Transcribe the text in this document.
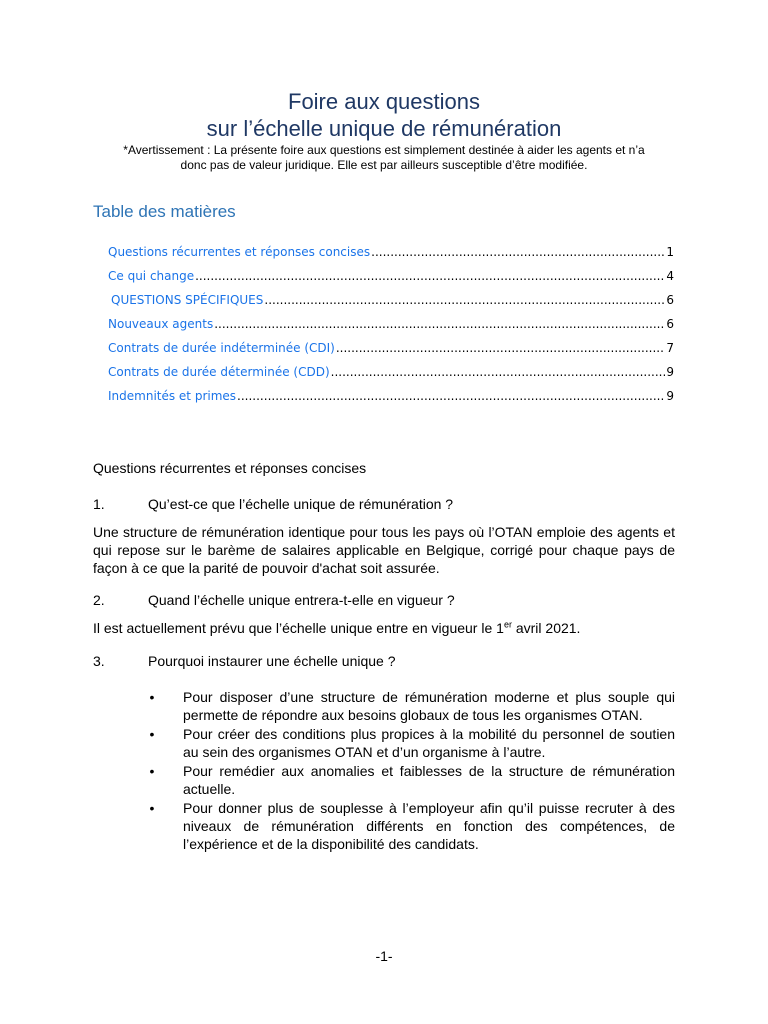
Foire aux questions
sur l’échelle unique de rémunération
*Avertissement : La présente foire aux questions est simplement destinée à aider les agents et n’a
donc pas de valeur juridique. Elle est par ailleurs susceptible d’être modifiée.
Table des matières
Questions récurrentes et réponses concises .....	1
Ce qui change .....	4
QUESTIONS SPÉCIFIQUES .....	6
Nouveaux agents .....	6
Contrats de durée indéterminée (CDI) .....	7
Contrats de durée déterminée (CDD) .....	9
Indemnités et primes .....	9
Questions récurrentes et réponses concises
1.	Qu’est-ce que l’échelle unique de rémunération ?
Une structure de rémunération identique pour tous les pays où l’OTAN emploie des agents et qui repose sur le barème de salaires applicable en Belgique, corrigé pour chaque pays de façon à ce que la parité de pouvoir d'achat soit assurée.
2.	Quand l’échelle unique entrera-t-elle en vigueur ?
Il est actuellement prévu que l’échelle unique entre en vigueur le 1er avril 2021.
3.	Pourquoi instaurer une échelle unique ?
•	Pour disposer d’une structure de rémunération moderne et plus souple qui permette de répondre aux besoins globaux de tous les organismes OTAN.
•	Pour créer des conditions plus propices à la mobilité du personnel de soutien au sein des organismes OTAN et d’un organisme à l’autre.
•	Pour remédier aux anomalies et faiblesses de la structure de rémunération actuelle.
•	Pour donner plus de souplesse à l’employeur afin qu’il puisse recruter à des niveaux de rémunération différents en fonction des compétences, de l’expérience et de la disponibilité des candidats.
-1-
